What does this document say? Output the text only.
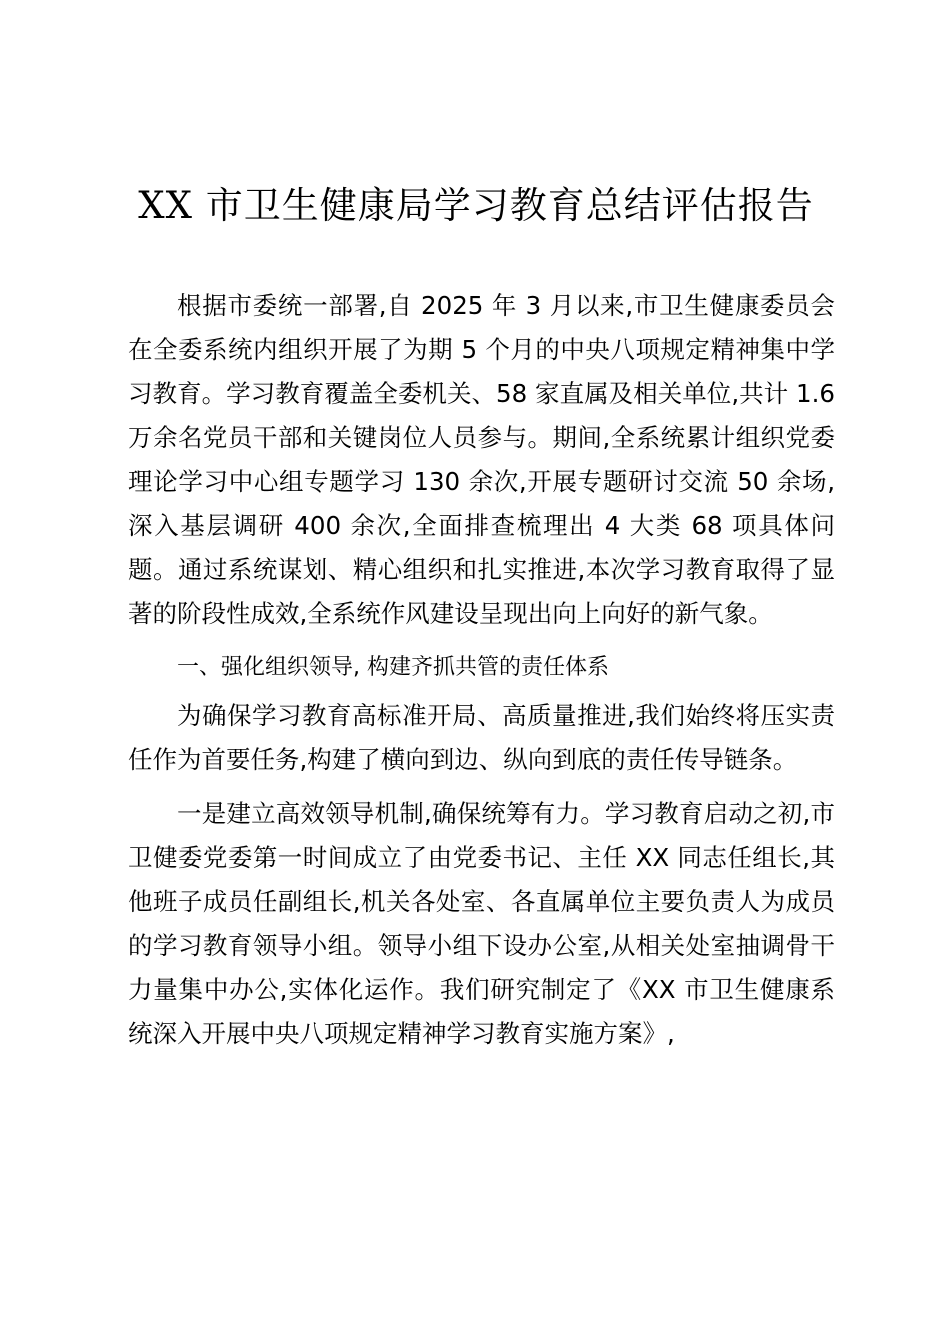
XX 市卫生健康局学习教育总结评估报告

根据市委统一部署,自 2025 年 3 月以来,市卫生健康委员会在全委系统内组织开展了为期 5 个月的中央八项规定精神集中学习教育。学习教育覆盖全委机关、58 家直属及相关单位,共计 1.6 万余名党员干部和关键岗位人员参与。期间,全系统累计组织党委理论学习中心组专题学习 130 余次,开展专题研讨交流 50 余场,深入基层调研 400 余次,全面排查梳理出 4 大类 68 项具体问题。通过系统谋划、精心组织和扎实推进,本次学习教育取得了显著的阶段性成效,全系统作风建设呈现出向上向好的新气象。

一、强化组织领导, 构建齐抓共管的责任体系

为确保学习教育高标准开局、高质量推进,我们始终将压实责任作为首要任务,构建了横向到边、纵向到底的责任传导链条。

一是建立高效领导机制,确保统筹有力。学习教育启动之初,市卫健委党委第一时间成立了由党委书记、主任 XX 同志任组长,其他班子成员任副组长,机关各处室、各直属单位主要负责人为成员的学习教育领导小组。领导小组下设办公室,从相关处室抽调骨干力量集中办公,实体化运作。我们研究制定了《XX 市卫生健康系统深入开展中央八项规定精神学习教育实施方案》,
